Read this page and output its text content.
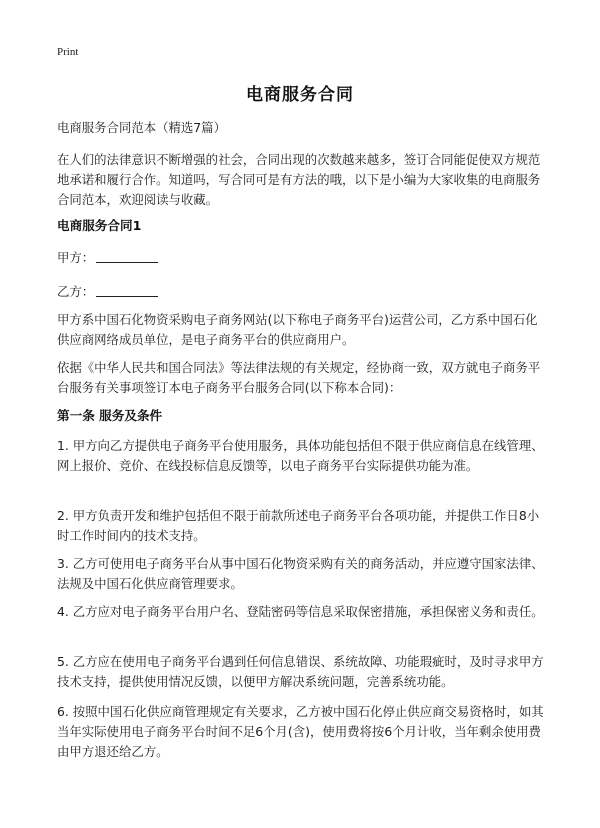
Print
电商服务合同
电商服务合同范本（精选7篇）
在人们的法律意识不断增强的社会，合同出现的次数越来越多，签订合同能促使双方规范地承诺和履行合作。知道吗，写合同可是有方法的哦，以下是小编为大家收集的电商服务合同范本，欢迎阅读与收藏。
电商服务合同1
甲方：
乙方：
甲方系中国石化物资采购电子商务网站(以下称电子商务平台)运营公司，乙方系中国石化供应商网络成员单位，是电子商务平台的供应商用户。
依据《中华人民共和国合同法》等法律法规的有关规定，经协商一致，双方就电子商务平台服务有关事项签订本电子商务平台服务合同(以下称本合同)：
第一条 服务及条件
1. 甲方向乙方提供电子商务平台使用服务，具体功能包括但不限于供应商信息在线管理、网上报价、竞价、在线投标信息反馈等，以电子商务平台实际提供功能为准。
2. 甲方负责开发和维护包括但不限于前款所述电子商务平台各项功能，并提供工作日8小时工作时间内的技术支持。
3. 乙方可使用电子商务平台从事中国石化物资采购有关的商务活动，并应遵守国家法律、法规及中国石化供应商管理要求。
4. 乙方应对电子商务平台用户名、登陆密码等信息采取保密措施，承担保密义务和责任。
5. 乙方应在使用电子商务平台遇到任何信息错误、系统故障、功能瑕疵时，及时寻求甲方技术支持，提供使用情况反馈，以便甲方解决系统问题，完善系统功能。
6. 按照中国石化供应商管理规定有关要求，乙方被中国石化停止供应商交易资格时，如其当年实际使用电子商务平台时间不足6个月(含)，使用费将按6个月计收，当年剩余使用费由甲方退还给乙方。
